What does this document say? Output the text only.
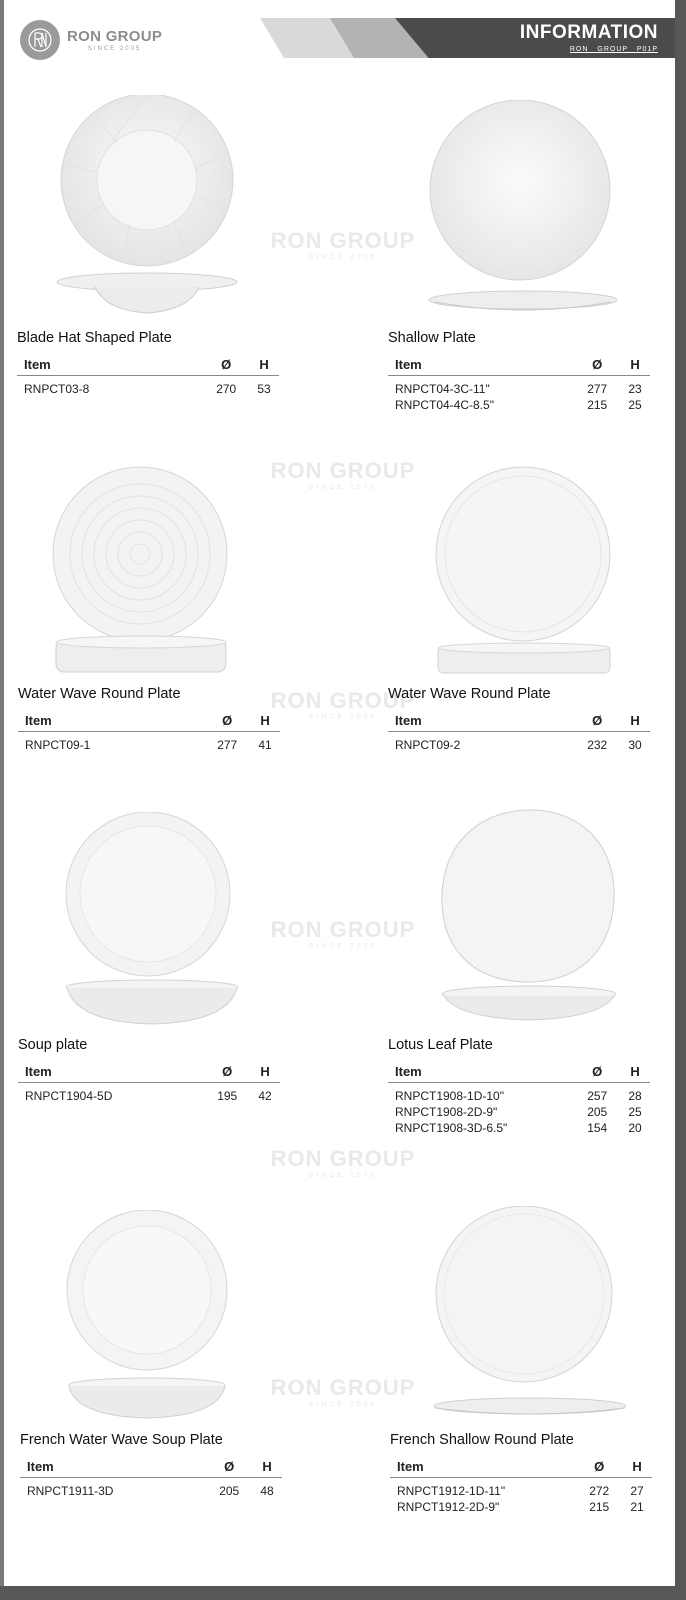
RON GROUP
SINCE 2005
INFORMATION
RON GROUP P01P
RON GROUP
SINCE 2005
RON GROUP
SINCE 2005
RON GROUP
SINCE 2005
RON GROUP
SINCE 2005
RON GROUP
SINCE 2005
RON GROUP
SINCE 2005
Blade Hat Shaped Plate
Item	Ø	H
RNPCT03-8	270	53
Shallow Plate
Item	Ø	H
RNPCT04-3C-11"	277	23
RNPCT04-4C-8.5"	215	25
Water Wave Round Plate
Item	Ø	H
RNPCT09-1	277	41
Water Wave Round Plate
Item	Ø	H
RNPCT09-2	232	30
Soup plate
Item	Ø	H
RNPCT1904-5D	195	42
Lotus Leaf Plate
Item	Ø	H
RNPCT1908-1D-10"	257	28
RNPCT1908-2D-9"	205	25
RNPCT1908-3D-6.5"	154	20
French Water Wave Soup Plate
Item	Ø	H
RNPCT1911-3D	205	48
French Shallow Round Plate
Item	Ø	H
RNPCT1912-1D-11"	272	27
RNPCT1912-2D-9"	215	21
